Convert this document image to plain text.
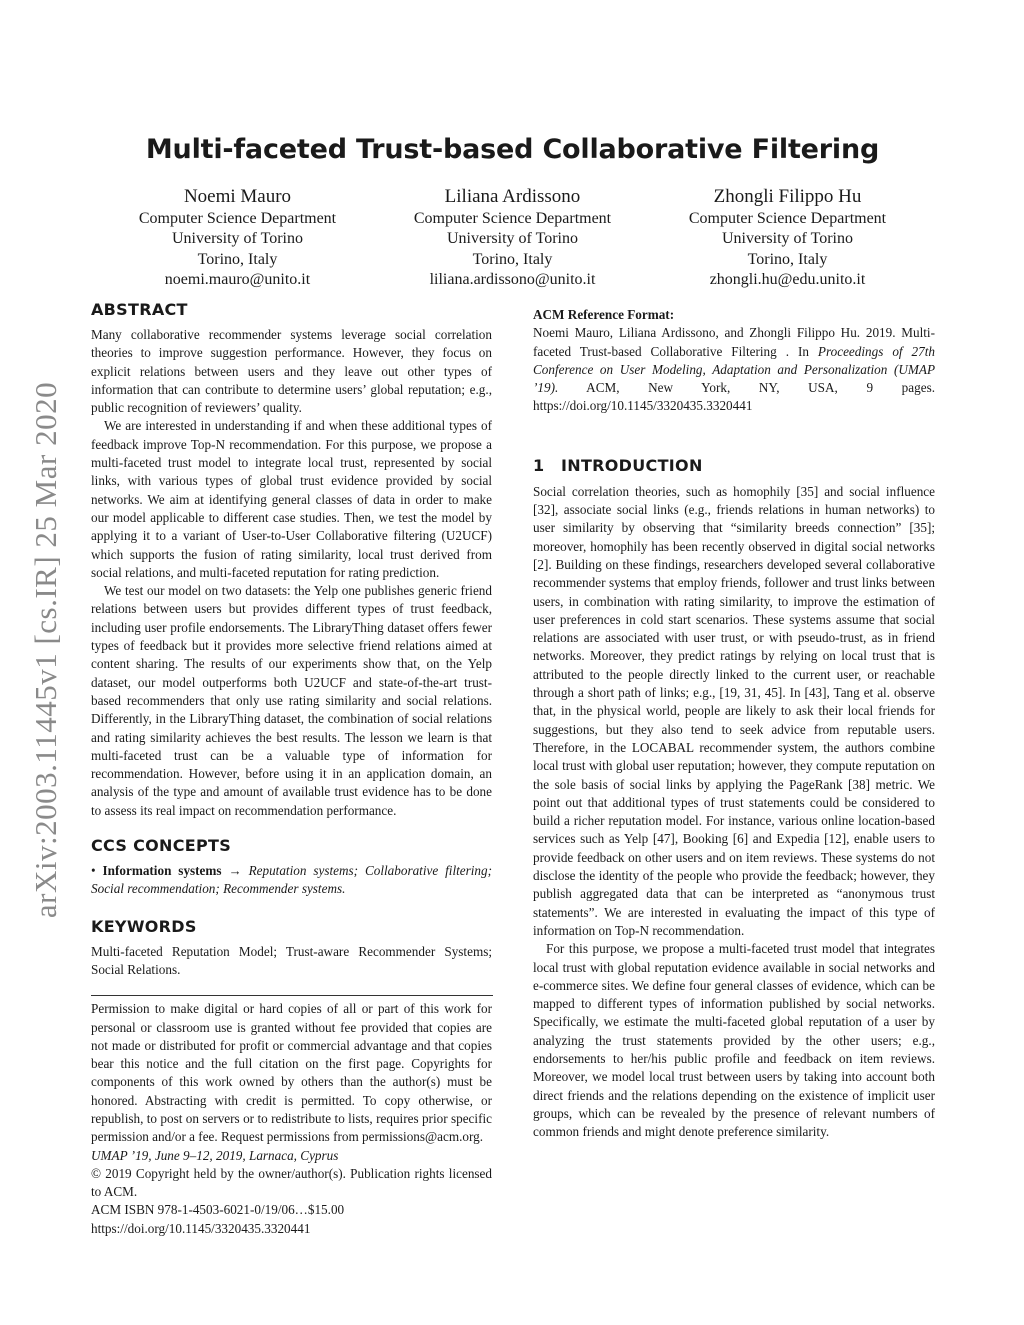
arXiv:2003.11445v1 [cs.IR] 25 Mar 2020
Multi-faceted Trust-based Collaborative Filtering
Noemi Mauro
Computer Science Department
University of Torino
Torino, Italy
noemi.mauro@unito.it
Liliana Ardissono
Computer Science Department
University of Torino
Torino, Italy
liliana.ardissono@unito.it
Zhongli Filippo Hu
Computer Science Department
University of Torino
Torino, Italy
zhongli.hu@edu.unito.it
ABSTRACT

Many collaborative recommender systems leverage social correlation theories to improve suggestion performance. However, they focus on explicit relations between users and they leave out other types of information that can contribute to determine users’ global reputation; e.g., public recognition of reviewers’ quality.

We are interested in understanding if and when these additional types of feedback improve Top-N recommendation. For this purpose, we propose a multi-faceted trust model to integrate local trust, represented by social links, with various types of global trust evidence provided by social networks. We aim at identifying general classes of data in order to make our model applicable to different case studies. Then, we test the model by applying it to a variant of User-to-User Collaborative filtering (U2UCF) which supports the fusion of rating similarity, local trust derived from social relations, and multi-faceted reputation for rating prediction.

We test our model on two datasets: the Yelp one publishes generic friend relations between users but provides different types of trust feedback, including user profile endorsements. The LibraryThing dataset offers fewer types of feedback but it provides more selective friend relations aimed at content sharing. The results of our experiments show that, on the Yelp dataset, our model outperforms both U2UCF and state-of-the-art trust-based recommenders that only use rating similarity and social relations. Differently, in the LibraryThing dataset, the combination of social relations and rating similarity achieves the best results. The lesson we learn is that multi-faceted trust can be a valuable type of information for recommendation. However, before using it in an application domain, an analysis of the type and amount of available trust evidence has to be done to assess its real impact on recommendation performance.

CCS CONCEPTS

• Information systems → Reputation systems; Collaborative filtering; Social recommendation; Recommender systems.

KEYWORDS

Multi-faceted Reputation Model; Trust-aware Recommender Systems; Social Relations.

Permission to make digital or hard copies of all or part of this work for personal or classroom use is granted without fee provided that copies are not made or distributed for profit or commercial advantage and that copies bear this notice and the full citation on the first page. Copyrights for components of this work owned by others than the author(s) must be honored. Abstracting with credit is permitted. To copy otherwise, or republish, to post on servers or to redistribute to lists, requires prior specific permission and/or a fee. Request permissions from permissions@acm.org.

UMAP ’19, June 9–12, 2019, Larnaca, Cyprus

© 2019 Copyright held by the owner/author(s). Publication rights licensed to ACM.

ACM ISBN 978-1-4503-6021-0/19/06…$15.00

https://doi.org/10.1145/3320435.3320441

ACM Reference Format:

Noemi Mauro, Liliana Ardissono, and Zhongli Filippo Hu. 2019. Multi-faceted Trust-based Collaborative Filtering . In Proceedings of 27th Conference on User Modeling, Adaptation and Personalization (UMAP ’19). ACM, New York, NY, USA, 9 pages. https://doi.org/10.1145/3320435.3320441

1 INTRODUCTION

Social correlation theories, such as homophily [35] and social influence [32], associate social links (e.g., friends relations in human networks) to user similarity by observing that “similarity breeds connection” [35]; moreover, homophily has been recently observed in digital social networks [2]. Building on these findings, researchers developed several collaborative recommender systems that employ friends, follower and trust links between users, in combination with rating similarity, to improve the estimation of user preferences in cold start scenarios. These systems assume that social relations are associated with user trust, or with pseudo-trust, as in friend networks. Moreover, they predict ratings by relying on local trust that is attributed to the people directly linked to the current user, or reachable through a short path of links; e.g., [19, 31, 45]. In [43], Tang et al. observe that, in the physical world, people are likely to ask their local friends for suggestions, but they also tend to seek advice from reputable users. Therefore, in the LOCABAL recommender system, the authors combine local trust with global user reputation; however, they compute reputation on the sole basis of social links by applying the PageRank [38] metric. We point out that additional types of trust statements could be considered to build a richer reputation model. For instance, various online location-based services such as Yelp [47], Booking [6] and Expedia [12], enable users to provide feedback on other users and on item reviews. These systems do not disclose the identity of the people who provide the feedback; however, they publish aggregated data that can be interpreted as “anonymous trust statements”. We are interested in evaluating the impact of this type of information on Top-N recommendation.

For this purpose, we propose a multi-faceted trust model that integrates local trust with global reputation evidence available in social networks and e-commerce sites. We define four general classes of evidence, which can be mapped to different types of information published by social networks. Specifically, we estimate the multi-faceted global reputation of a user by analyzing the trust statements provided by the other users; e.g., endorsements to her/his public profile and feedback on item reviews. Moreover, we model local trust between users by taking into account both direct friends and the relations depending on the existence of implicit user groups, which can be revealed by the presence of relevant numbers of common friends and might denote preference similarity.
